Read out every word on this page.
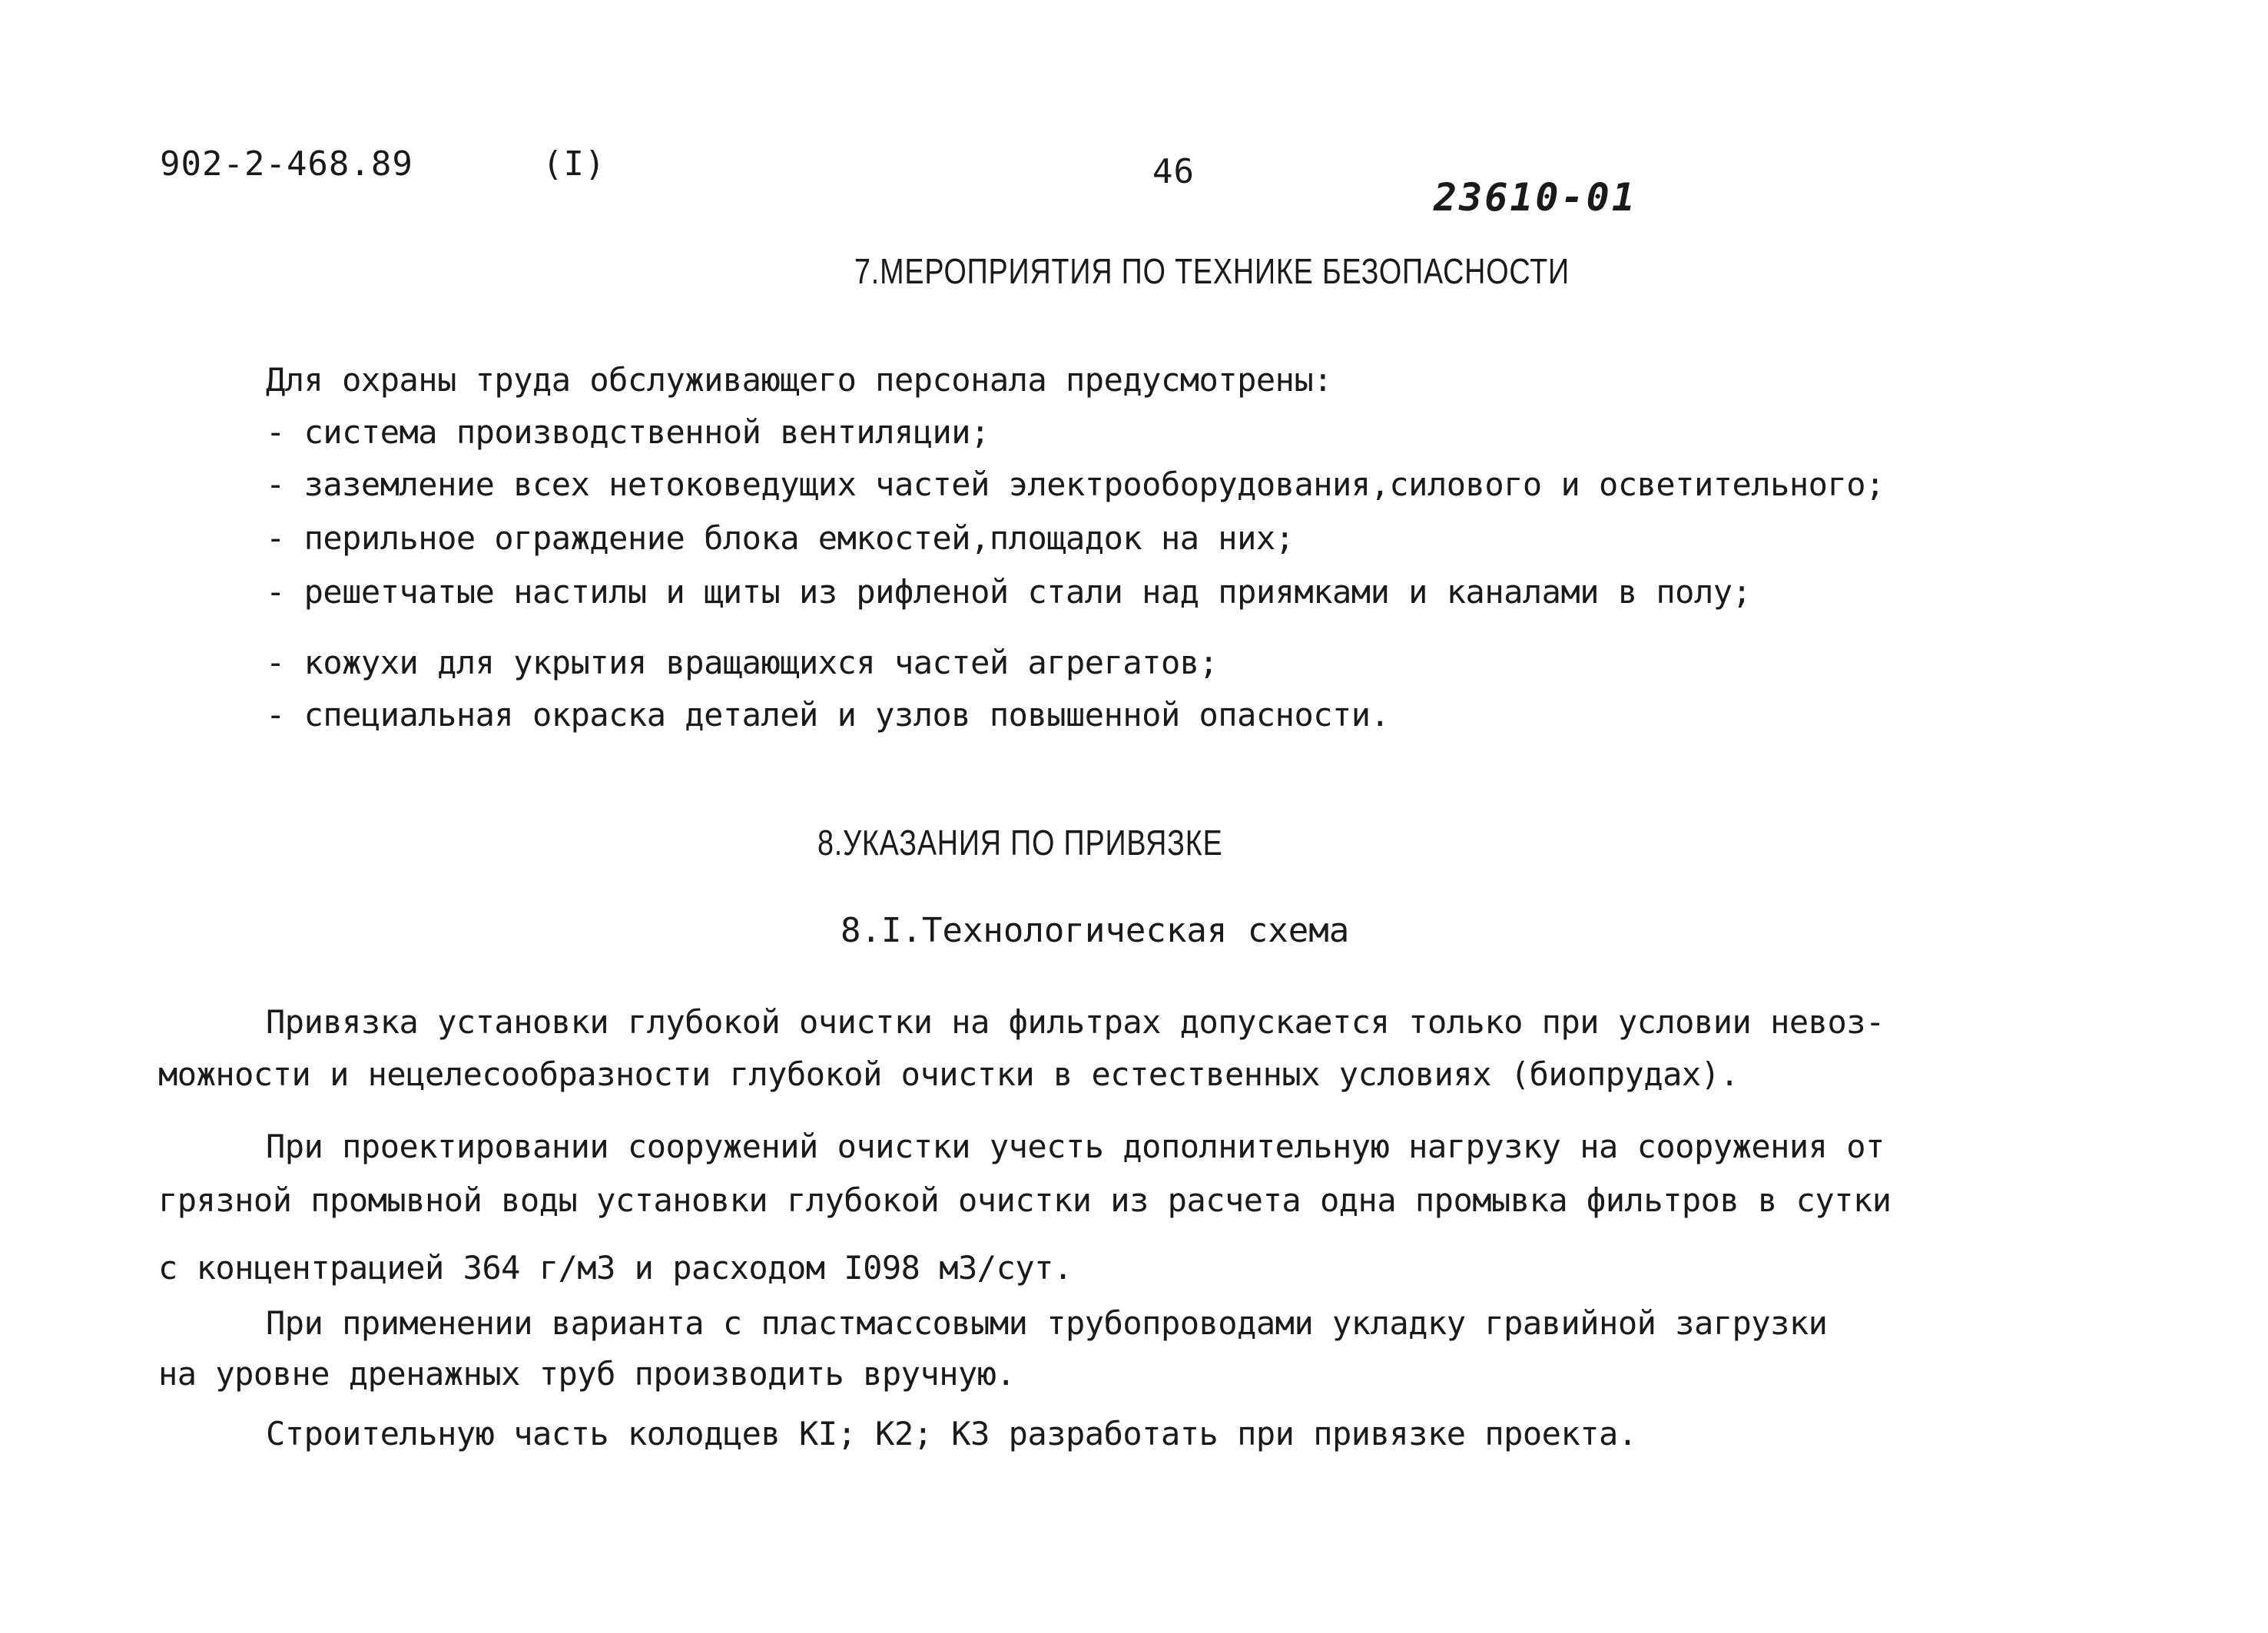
902-2-468.89	(I)	46
23610-01
7.МЕРОПРИЯТИЯ ПО ТЕХНИКЕ БЕЗОПАСНОСТИ
Для охраны труда обслуживающего персонала предусмотрены:
- система производственной вентиляции;
- заземление всех нетоковедущих частей электрооборудования,силового и осветительного;
- перильное ограждение блока емкостей,площадок на них;
- решетчатые настилы и щиты из рифленой стали над приямками и каналами в полу;
- кожухи для укрытия вращающихся частей агрегатов;
- специальная окраска деталей и узлов повышенной опасности.
8.УКАЗАНИЯ ПО ПРИВЯЗКЕ
8.I.Технологическая схема
Привязка установки глубокой очистки на фильтрах допускается только при условии невоз-
можности и нецелесообразности глубокой очистки в естественных условиях (биопрудах).
При проектировании сооружений очистки учесть дополнительную нагрузку на сооружения от
грязной промывной воды установки глубокой очистки из расчета одна промывка фильтров в сутки
с концентрацией 364 г/м3 и расходом I098 м3/сут.
При применении варианта с пластмассовыми трубопроводами укладку гравийной загрузки
на уровне дренажных труб производить вручную.
Строительную часть колодцев КI; К2; К3 разработать при привязке проекта.
